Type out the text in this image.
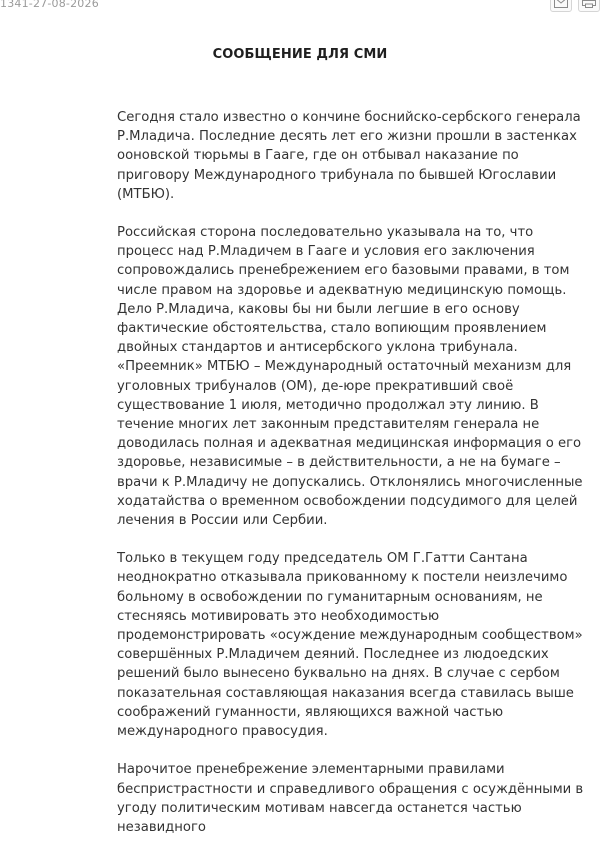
1341-27-08-2026
СООБЩЕНИЕ ДЛЯ СМИ

Сегодня стало известно о кончине боснийско-сербского генерала Р.Младича. Последние десять лет его жизни прошли в застенках ооновской тюрьмы в Гааге, где он отбывал наказание по приговору Международного трибунала по бывшей Югославии (МТБЮ).

Российская сторона последовательно указывала на то, что процесс над Р.Младичем в Гааге и условия его заключения сопровождались пренебрежением его базовыми правами, в том числе правом на здоровье и адекватную медицинскую помощь. Дело Р.Младича, каковы бы ни были легшие в его основу фактические обстоятельства, стало вопиющим проявлением двойных стандартов и антисербского уклона трибунала. «Преемник» МТБЮ – Международный остаточный механизм для уголовных трибуналов (ОМ), де-юре прекративший своё существование 1 июля, методично продолжал эту линию. В течение многих лет законным представителям генерала не доводилась полная и адекватная медицинская информация о его здоровье, независимые – в действительности, а не на бумаге – врачи к Р.Младичу не допускались. Отклонялись многочисленные ходатайства о временном освобождении подсудимого для целей лечения в России или Сербии.

Только в текущем году председатель ОМ Г.Гатти Сантана неоднократно отказывала прикованному к постели неизлечимо больному в освобождении по гуманитарным основаниям, не стесняясь мотивировать это необходимостью продемонстрировать «осуждение международным сообществом» совершённых Р.Младичем деяний. Последнее из людоедских решений было вынесено буквально на днях. В случае с сербом показательная составляющая наказания всегда ставилась выше соображений гуманности, являющихся важной частью международного правосудия.

Нарочитое пренебрежение элементарными правилами беспристрастности и справедливого обращения с осуждёнными в угоду политическим мотивам навсегда останется частью незавидного
